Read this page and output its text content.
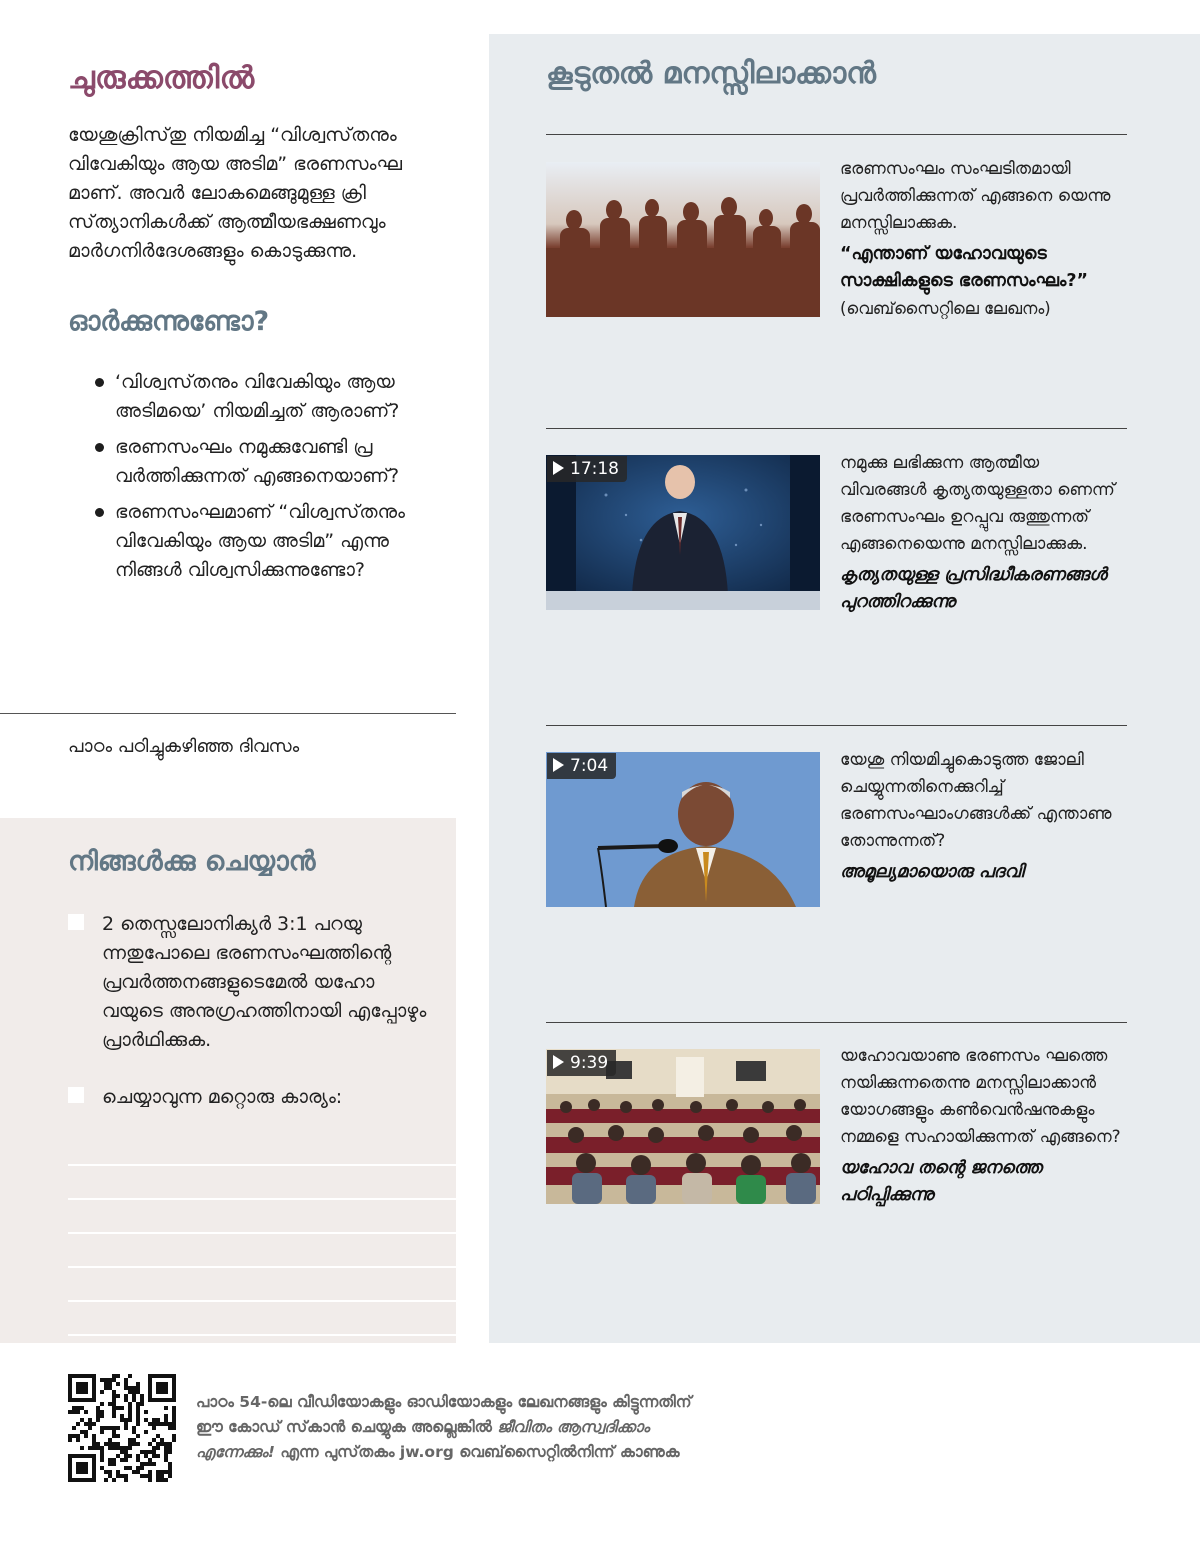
ചുരുക്കത്തിൽ

യേശുക്രിസ്‌തു നിയമിച്ച “വിശ്വസ്‌തനും വിവേകിയും ആയ അടിമ” ഭരണസംഘ മാണ്‌. അവർ ലോകമെങ്ങുമുള്ള ക്രി സ്‌ത്യാനികൾക്ക്‌ ആത്മീയഭക്ഷണവും മാർഗനിർദേശങ്ങളും കൊടുക്കുന്നു.

ഓർക്കുന്നുണ്ടോ?
‘വിശ്വസ്‌തനും വിവേകിയും ആയ അടിമയെ’ നിയമിച്ചത്‌ ആരാണ്‌?
ഭരണസംഘം നമുക്കുവേണ്ടി പ്ര വർത്തിക്കുന്നത്‌ എങ്ങനെയാണ്‌?
ഭരണസംഘമാണ്‌ “വിശ്വസ്‌തനും വിവേകിയും ആയ അടിമ” എന്നു നിങ്ങൾ വിശ്വസിക്കുന്നുണ്ടോ?
പാഠം പഠിച്ചുകഴിഞ്ഞ ദിവസം
നിങ്ങൾക്കു ചെയ്യാൻ
2 തെസ്സലോനിക്യർ 3:1 പറയു ന്നതുപോലെ ഭരണസംഘത്തിന്റെ പ്രവർത്തനങ്ങളുടെമേൽ യഹോ വയുടെ അനുഗ്രഹത്തിനായി എപ്പോഴും പ്രാർഥിക്കുക.
ചെയ്യാവുന്ന മറ്റൊരു കാര്യം:
കൂടുതൽ മനസ്സിലാക്കാൻ

ഭരണസംഘം സംഘടിതമായി പ്രവർത്തിക്കുന്നത്‌ എങ്ങനെ യെന്നു മനസ്സിലാക്കുക.

“എന്താണ്‌ യഹോവയുടെ സാക്ഷികളുടെ ഭരണസംഘം?”

(വെബ്‌സൈറ്റിലെ ലേഖനം)

17:18	നമുക്കു ലഭിക്കുന്ന ആത്മീയ വിവരങ്ങൾ കൃത്യതയുള്ളതാ ണെന്ന്‌ ഭരണസംഘം ഉറപ്പുവ രുത്തുന്നത്‌ എങ്ങനെയെന്നു മനസ്സിലാക്കുക.

കൃത്യതയുള്ള പ്രസിദ്ധീകരണങ്ങൾ പുറത്തിറക്കുന്നു

7:04	യേശു നിയമിച്ചുകൊടുത്ത ജോലി ചെയ്യുന്നതിനെക്കുറിച്ച്‌ ഭരണസംഘാംഗങ്ങൾക്ക്‌ എന്താണു തോന്നുന്നത്‌?

അമൂല്യമായൊരു പദവി

9:39	യഹോവയാണു ഭരണസം ഘത്തെ നയിക്കുന്നതെന്നു മനസ്സിലാക്കാൻ യോഗങ്ങളും കൺവെൻഷനുകളും നമ്മളെ സഹായിക്കുന്നത്‌ എങ്ങനെ?

യഹോവ തന്റെ ജനത്തെ പഠിപ്പിക്കുന്നു

പാഠം 54-ലെ വീഡിയോകളും ഓഡിയോകളും ലേഖനങ്ങളും കിട്ടുന്നതിന്‌ ഈ കോഡ്‌ സ്‌കാൻ ചെയ്യുക അല്ലെങ്കിൽ ജീവിതം ആസ്വദിക്കാം എന്നേക്കും! എന്ന പുസ്‌തകം jw.org വെബ്‌സൈറ്റിൽനിന്ന്‌ കാണുക
